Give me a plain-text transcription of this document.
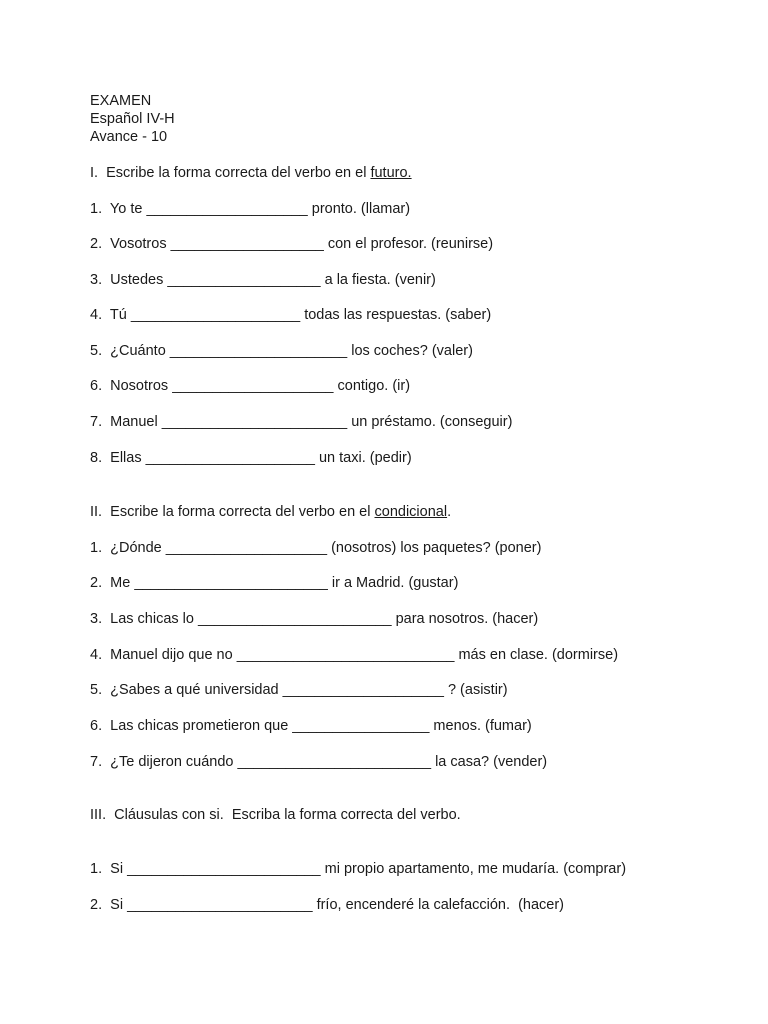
EXAMEN
Español IV-H
Avance - 10
I.  Escribe la forma correcta del verbo en el futuro.
1.  Yo te ____________________ pronto. (llamar)
2.  Vosotros ___________________ con el profesor. (reunirse)
3.  Ustedes ___________________ a la fiesta. (venir)
4.  Tú _____________________ todas las respuestas. (saber)
5.  ¿Cuánto ______________________ los coches? (valer)
6.  Nosotros ____________________ contigo. (ir)
7.  Manuel _______________________ un préstamo. (conseguir)
8.  Ellas _____________________ un taxi. (pedir)
II.  Escribe la forma correcta del verbo en el condicional.
1.  ¿Dónde ____________________ (nosotros) los paquetes? (poner)
2.  Me ________________________ ir a Madrid. (gustar)
3.  Las chicas lo ________________________ para nosotros. (hacer)
4.  Manuel dijo que no ___________________________ más en clase. (dormirse)
5.  ¿Sabes a qué universidad ____________________ ? (asistir)
6.  Las chicas prometieron que _________________ menos. (fumar)
7.  ¿Te dijeron cuándo ________________________ la casa? (vender)
III.  Cláusulas con si.  Escriba la forma correcta del verbo.
1.  Si ________________________ mi propio apartamento, me mudaría. (comprar)
2.  Si _______________________ frío, encenderé la calefacción.  (hacer)
